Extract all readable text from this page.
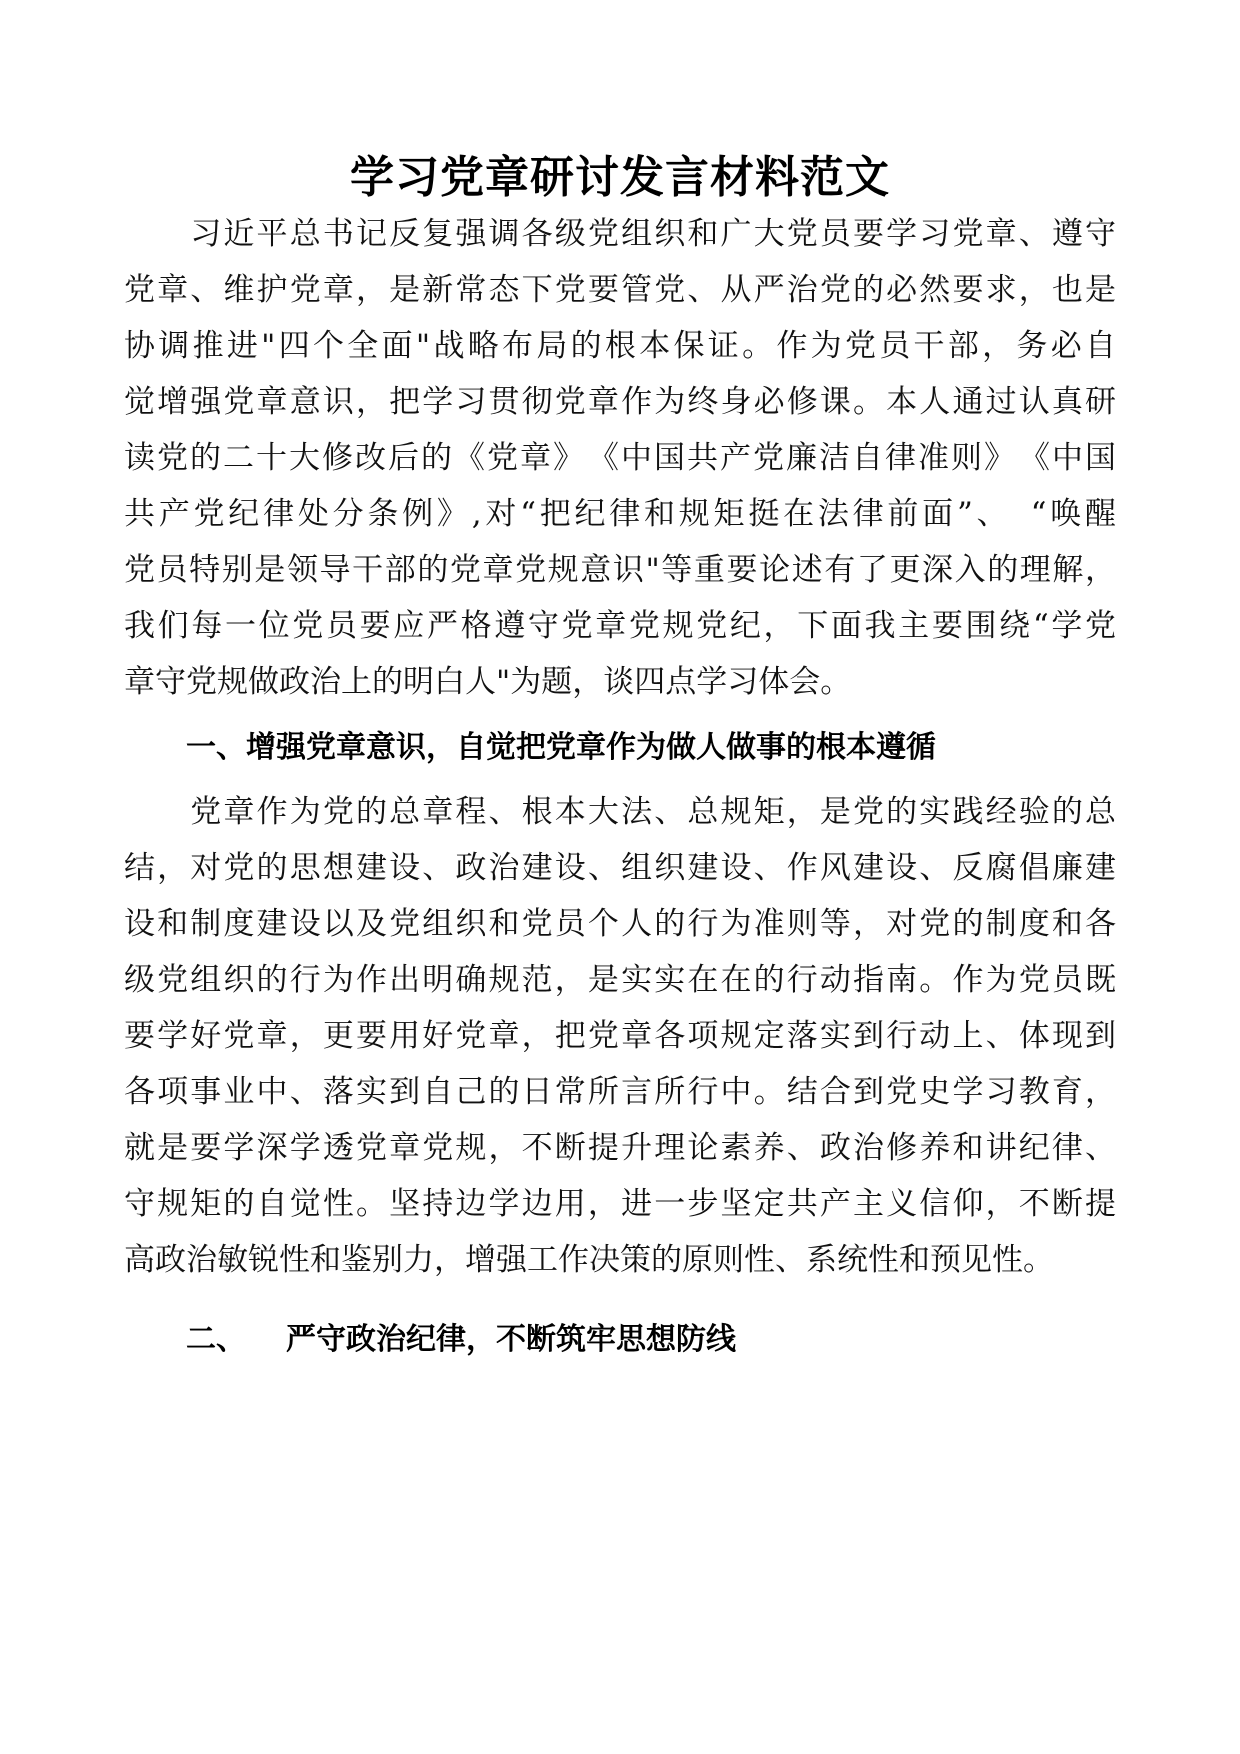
学习党章研讨发言材料范文
　　习近平总书记反复强调各级党组织和广大党员要学习党章、遵守
党章、维护党章，是新常态下党要管党、从严治党的必然要求，也是
协调推进"四个全面"战略布局的根本保证。作为党员干部，务必自
觉增强党章意识，把学习贯彻党章作为终身必修课。本人通过认真研
读党的二十大修改后的《党章》　《中国共产党廉洁自律准则》　《中国
共产党纪律处分条例》,对“把纪律和规矩挺在法律前面”、　“唤醒
党员特别是领导干部的党章党规意识"等重要论述有了更深入的理解，
我们每一位党员要应严格遵守党章党规党纪，下面我主要围绕“学党
章守党规做政治上的明白人"为题，谈四点学习体会。
一、增强党章意识，自觉把党章作为做人做事的根本遵循
　　党章作为党的总章程、根本大法、总规矩，是党的实践经验的总
结，对党的思想建设、政治建设、组织建设、作风建设、反腐倡廉建
设和制度建设以及党组织和党员个人的行为准则等，对党的制度和各
级党组织的行为作出明确规范，是实实在在的行动指南。作为党员既
要学好党章，更要用好党章，把党章各项规定落实到行动上、体现到
各项事业中、落实到自己的日常所言所行中。结合到党史学习教育，
就是要学深学透党章党规，不断提升理论素养、政治修养和讲纪律、
守规矩的自觉性。坚持边学边用，进一步坚定共产主义信仰，不断提
高政治敏锐性和鉴别力，增强工作决策的原则性、系统性和预见性。
二、 严守政治纪律，不断筑牢思想防线
